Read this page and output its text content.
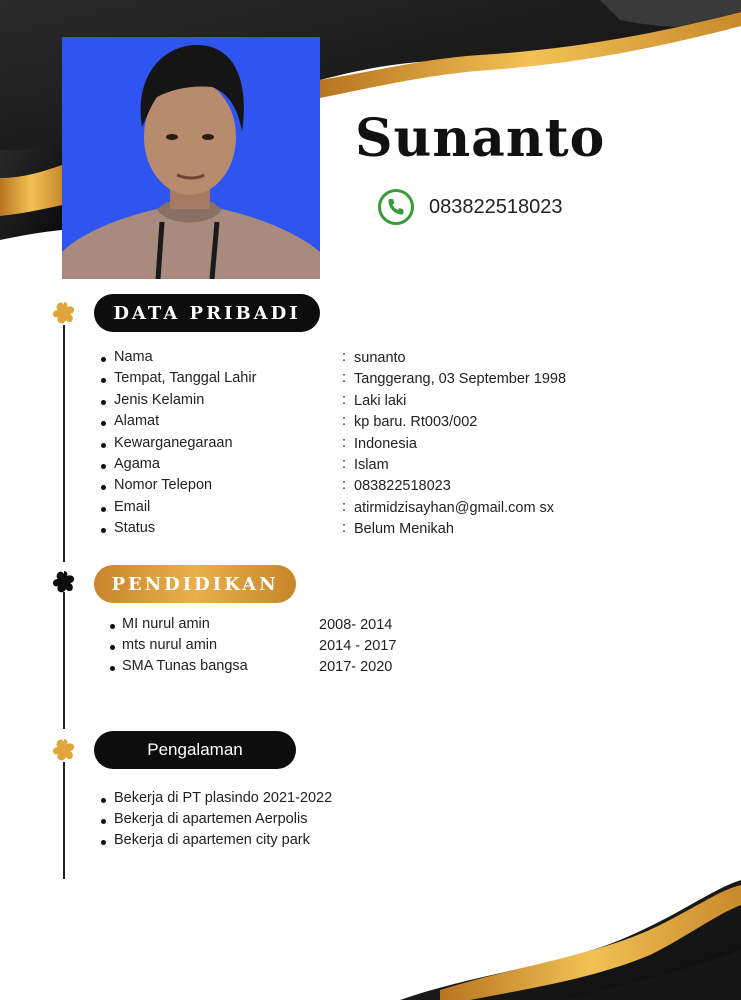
Sunanto
083822518023
DATA PRIBADI
Nama	: sunanto
Tempat, Tanggal Lahir	: Tanggerang, 03 September 1998
Jenis Kelamin	: Laki laki
Alamat	: kp baru. Rt003/002
Kewarganegaraan	: Indonesia
Agama	: Islam
Nomor Telepon	: 083822518023
Email	: atirmidzisayhan@gmail.com sx
Status	: Belum Menikah
PENDIDIKAN
MI nurul amin	2008- 2014
mts nurul amin	2014 - 2017
SMA Tunas bangsa	2017- 2020
Pengalaman
Bekerja di PT plasindo 2021-2022
Bekerja di apartemen Aerpolis
Bekerja di apartemen city park
